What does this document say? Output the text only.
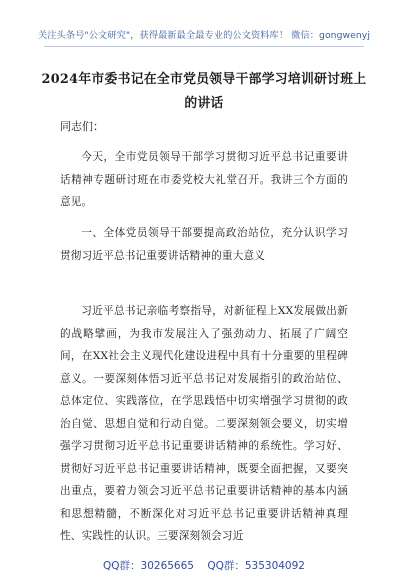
关注头条号"公文研究"，获得最新最全最专业的公文资料库！ 微信：gongwenyj
2024年市委书记在全市党员领导干部学习培训研讨班上的讲话
同志们：

今天，全市党员领导干部学习贯彻习近平总书记重要讲话精神专题研讨班在市委党校大礼堂召开。我讲三个方面的意见。

一、全体党员领导干部要提高政治站位，充分认识学习贯彻习近平总书记重要讲话精神的重大意义

习近平总书记亲临考察指导，对新征程上XX发展做出新的战略擘画，为我市发展注入了强劲动力、拓展了广阔空间，在XX社会主义现代化建设进程中具有十分重要的里程碑意义。一要深刻体悟习近平总书记对发展指引的政治站位、总体定位、实践落位，在学思践悟中切实增强学习贯彻的政治自觉、思想自觉和行动自觉。二要深刻领会要义，切实增强学习贯彻习近平总书记重要讲话精神的系统性。学习好、贯彻好习近平总书记重要讲话精神，既要全面把握，又要突出重点，要着力领会习近平总书记重要讲话精神的基本内涵和思想精髓，不断深化对习近平总书记重要讲话精神真理性、实践性的认识。三要深刻领会习近

QQ群：30265665    QQ群：535304092
